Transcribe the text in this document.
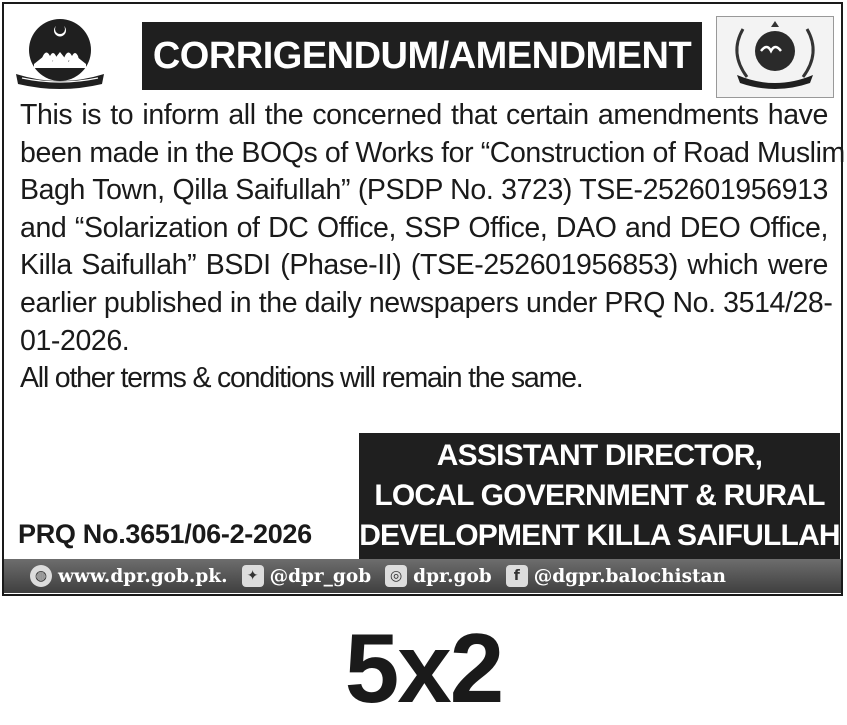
CORRIGENDUM/AMENDMENT

This is to inform all the concerned that certain amendments have
been made in the BOQs of Works for “Construction of Road Muslim
Bagh Town, Qilla Saifullah” (PSDP No. 3723) TSE-252601956913
and “Solarization of DC Office, SSP Office, DAO and DEO Office,
Killa Saifullah” BSDI (Phase-II) (TSE-252601956853) which were
earlier published in the daily newspapers under PRQ No. 3514/28-
01-2026.
All other terms & conditions will remain the same.

ASSISTANT DIRECTOR,
LOCAL GOVERNMENT & RURAL
DEVELOPMENT KILLA SAIFULLAH
PRQ No.3651/06-2-2026
◍ www.dpr.gob.pk.	✦ @dpr_gob	◎ dpr.gob	f @dgpr.balochistan
5x2
